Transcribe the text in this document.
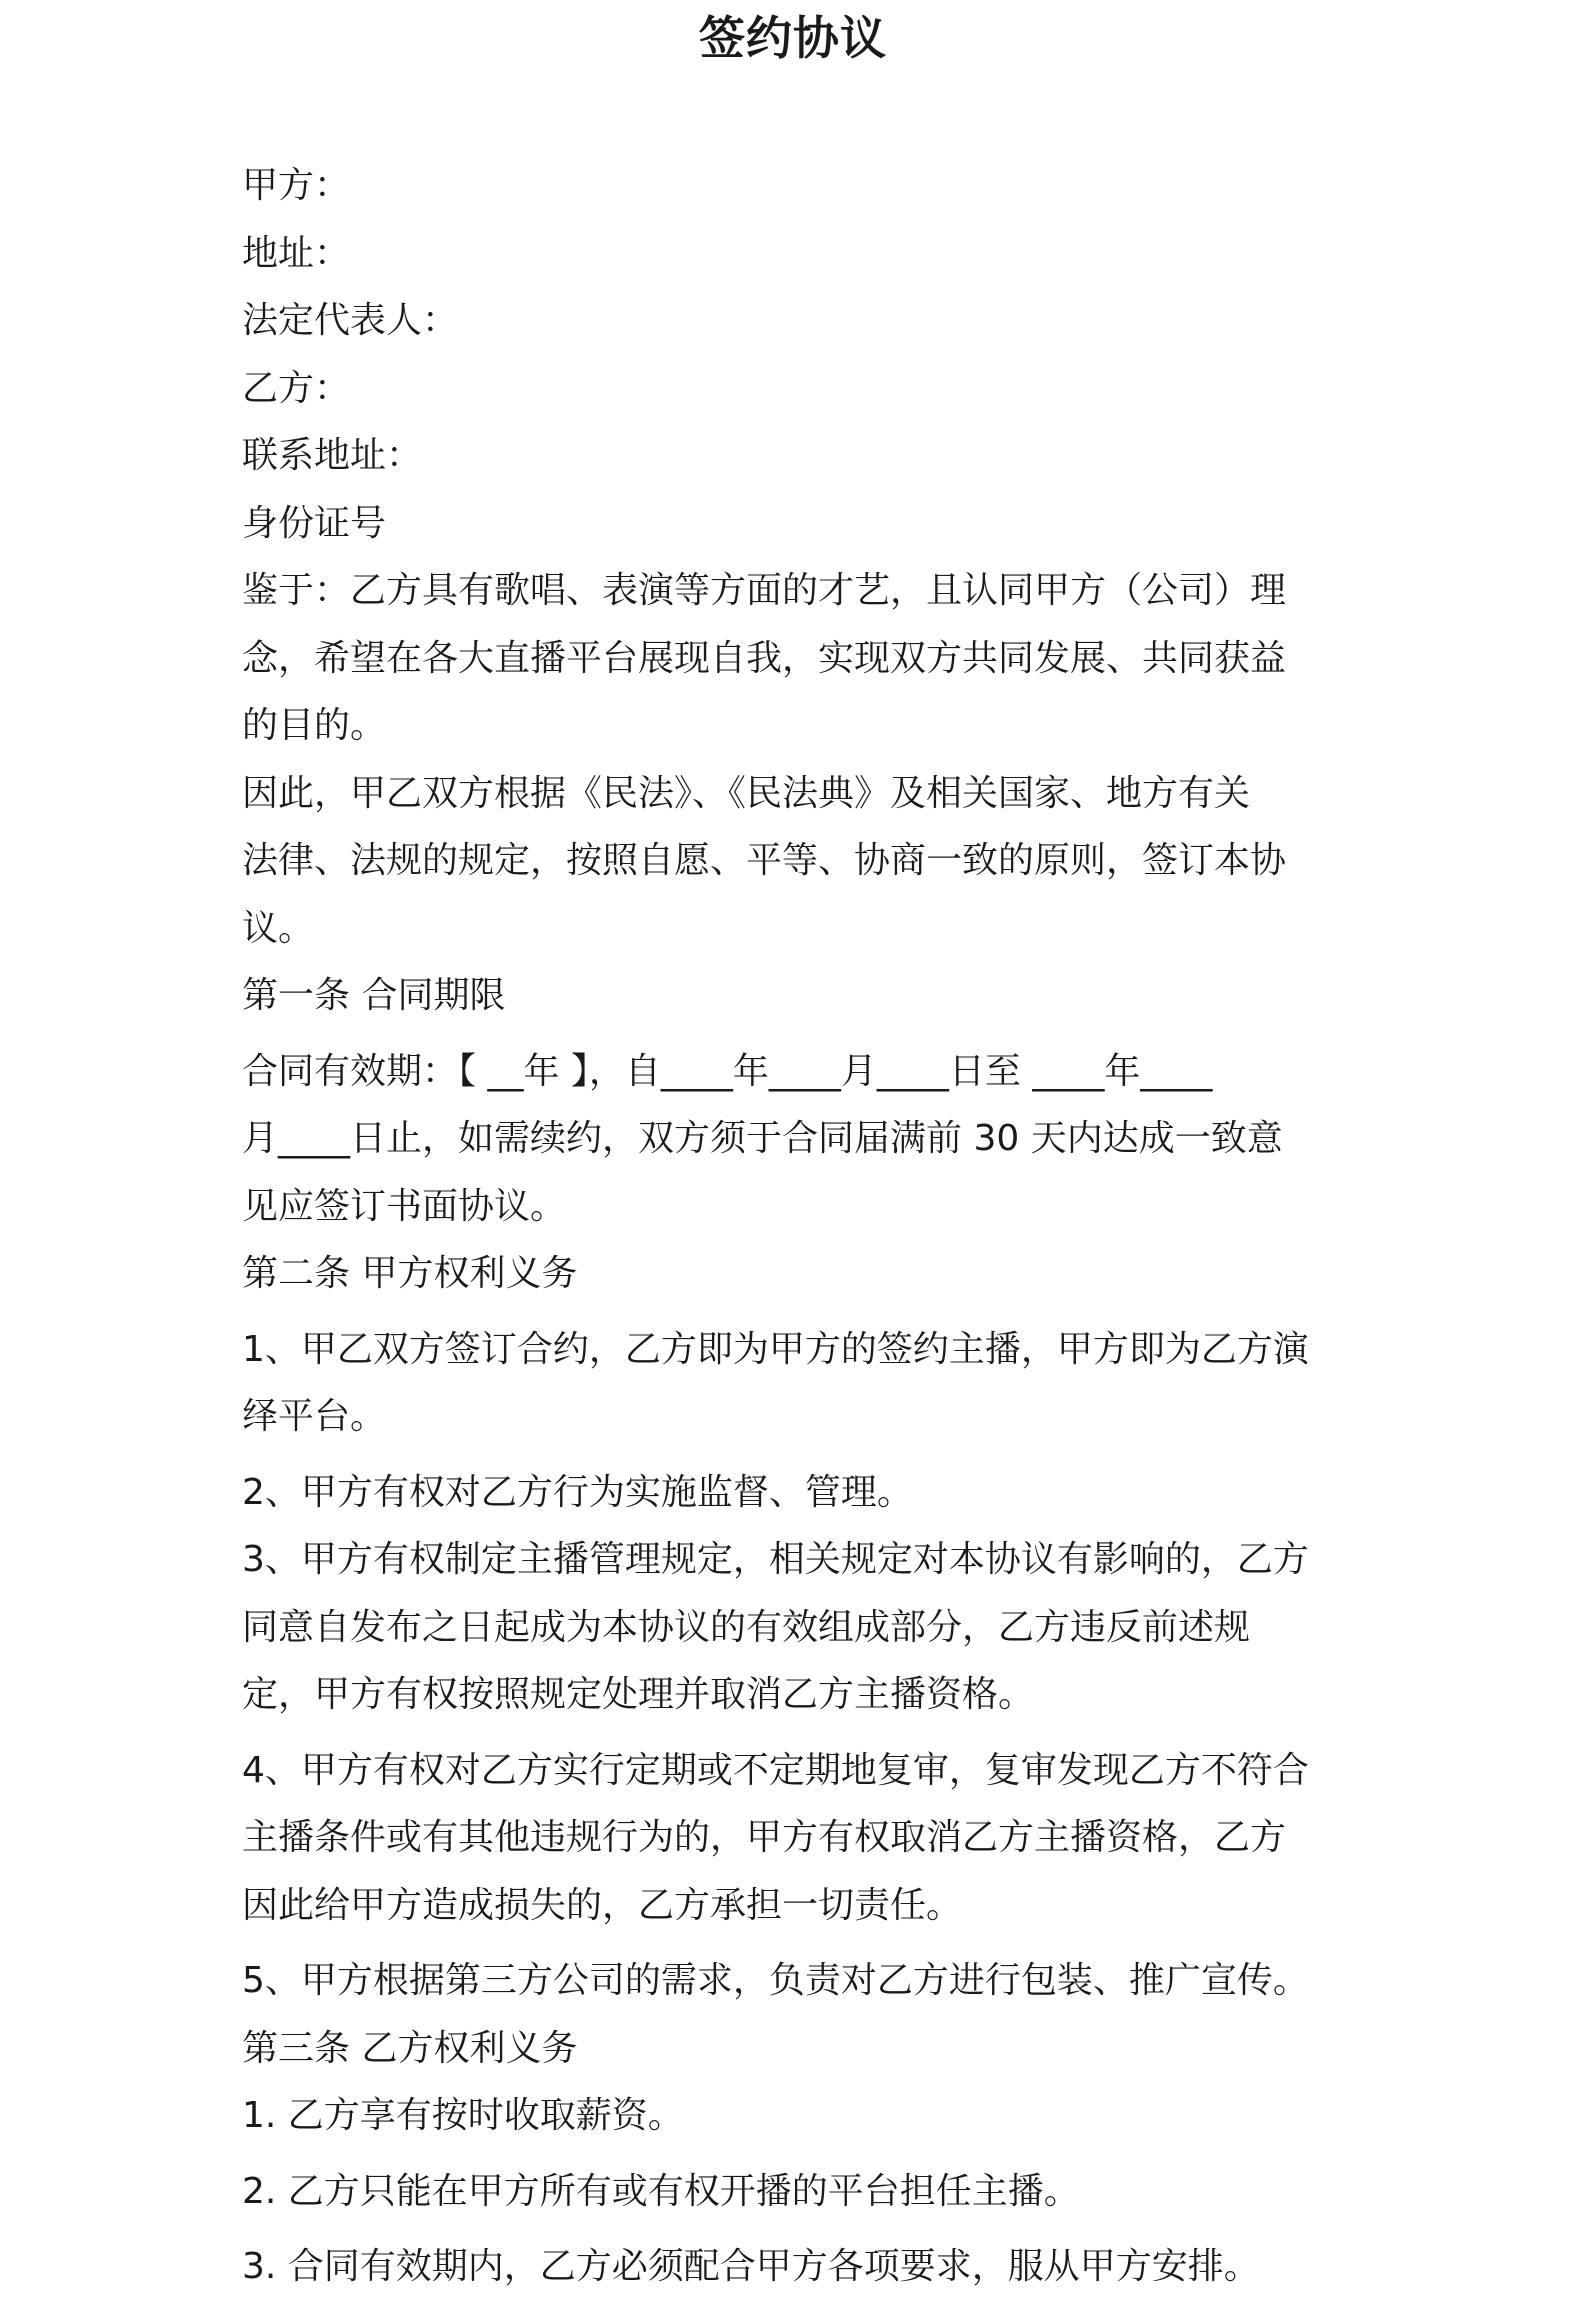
签约协议
甲方：
地址：
法定代表人：
乙方：
联系地址：
身份证号
鉴于：乙方具有歌唱、表演等方面的才艺，且认同甲方（公司）理
念，希望在各大直播平台展现自我，实现双方共同发展、共同获益
的目的。
因此，甲乙双方根据《民法》、《民法典》及相关国家、地方有关
法律、法规的规定，按照自愿、平等、协商一致的原则，签订本协
议。
第一条 合同期限
合同有效期：【 __年 】，自____年____月____日至 ____年____
月____日止，如需续约，双方须于合同届满前 30 天内达成一致意
见应签订书面协议。
第二条 甲方权利义务
1、甲乙双方签订合约，乙方即为甲方的签约主播，甲方即为乙方演
绎平台。
2、甲方有权对乙方行为实施监督、管理。
3、甲方有权制定主播管理规定，相关规定对本协议有影响的，乙方
同意自发布之日起成为本协议的有效组成部分，乙方违反前述规
定，甲方有权按照规定处理并取消乙方主播资格。
4、甲方有权对乙方实行定期或不定期地复审，复审发现乙方不符合
主播条件或有其他违规行为的，甲方有权取消乙方主播资格，乙方
因此给甲方造成损失的，乙方承担一切责任。
5、甲方根据第三方公司的需求，负责对乙方进行包装、推广宣传。
第三条 乙方权利义务
1. 乙方享有按时收取薪资。
2. 乙方只能在甲方所有或有权开播的平台担任主播。
3. 合同有效期内，乙方必须配合甲方各项要求，服从甲方安排。
